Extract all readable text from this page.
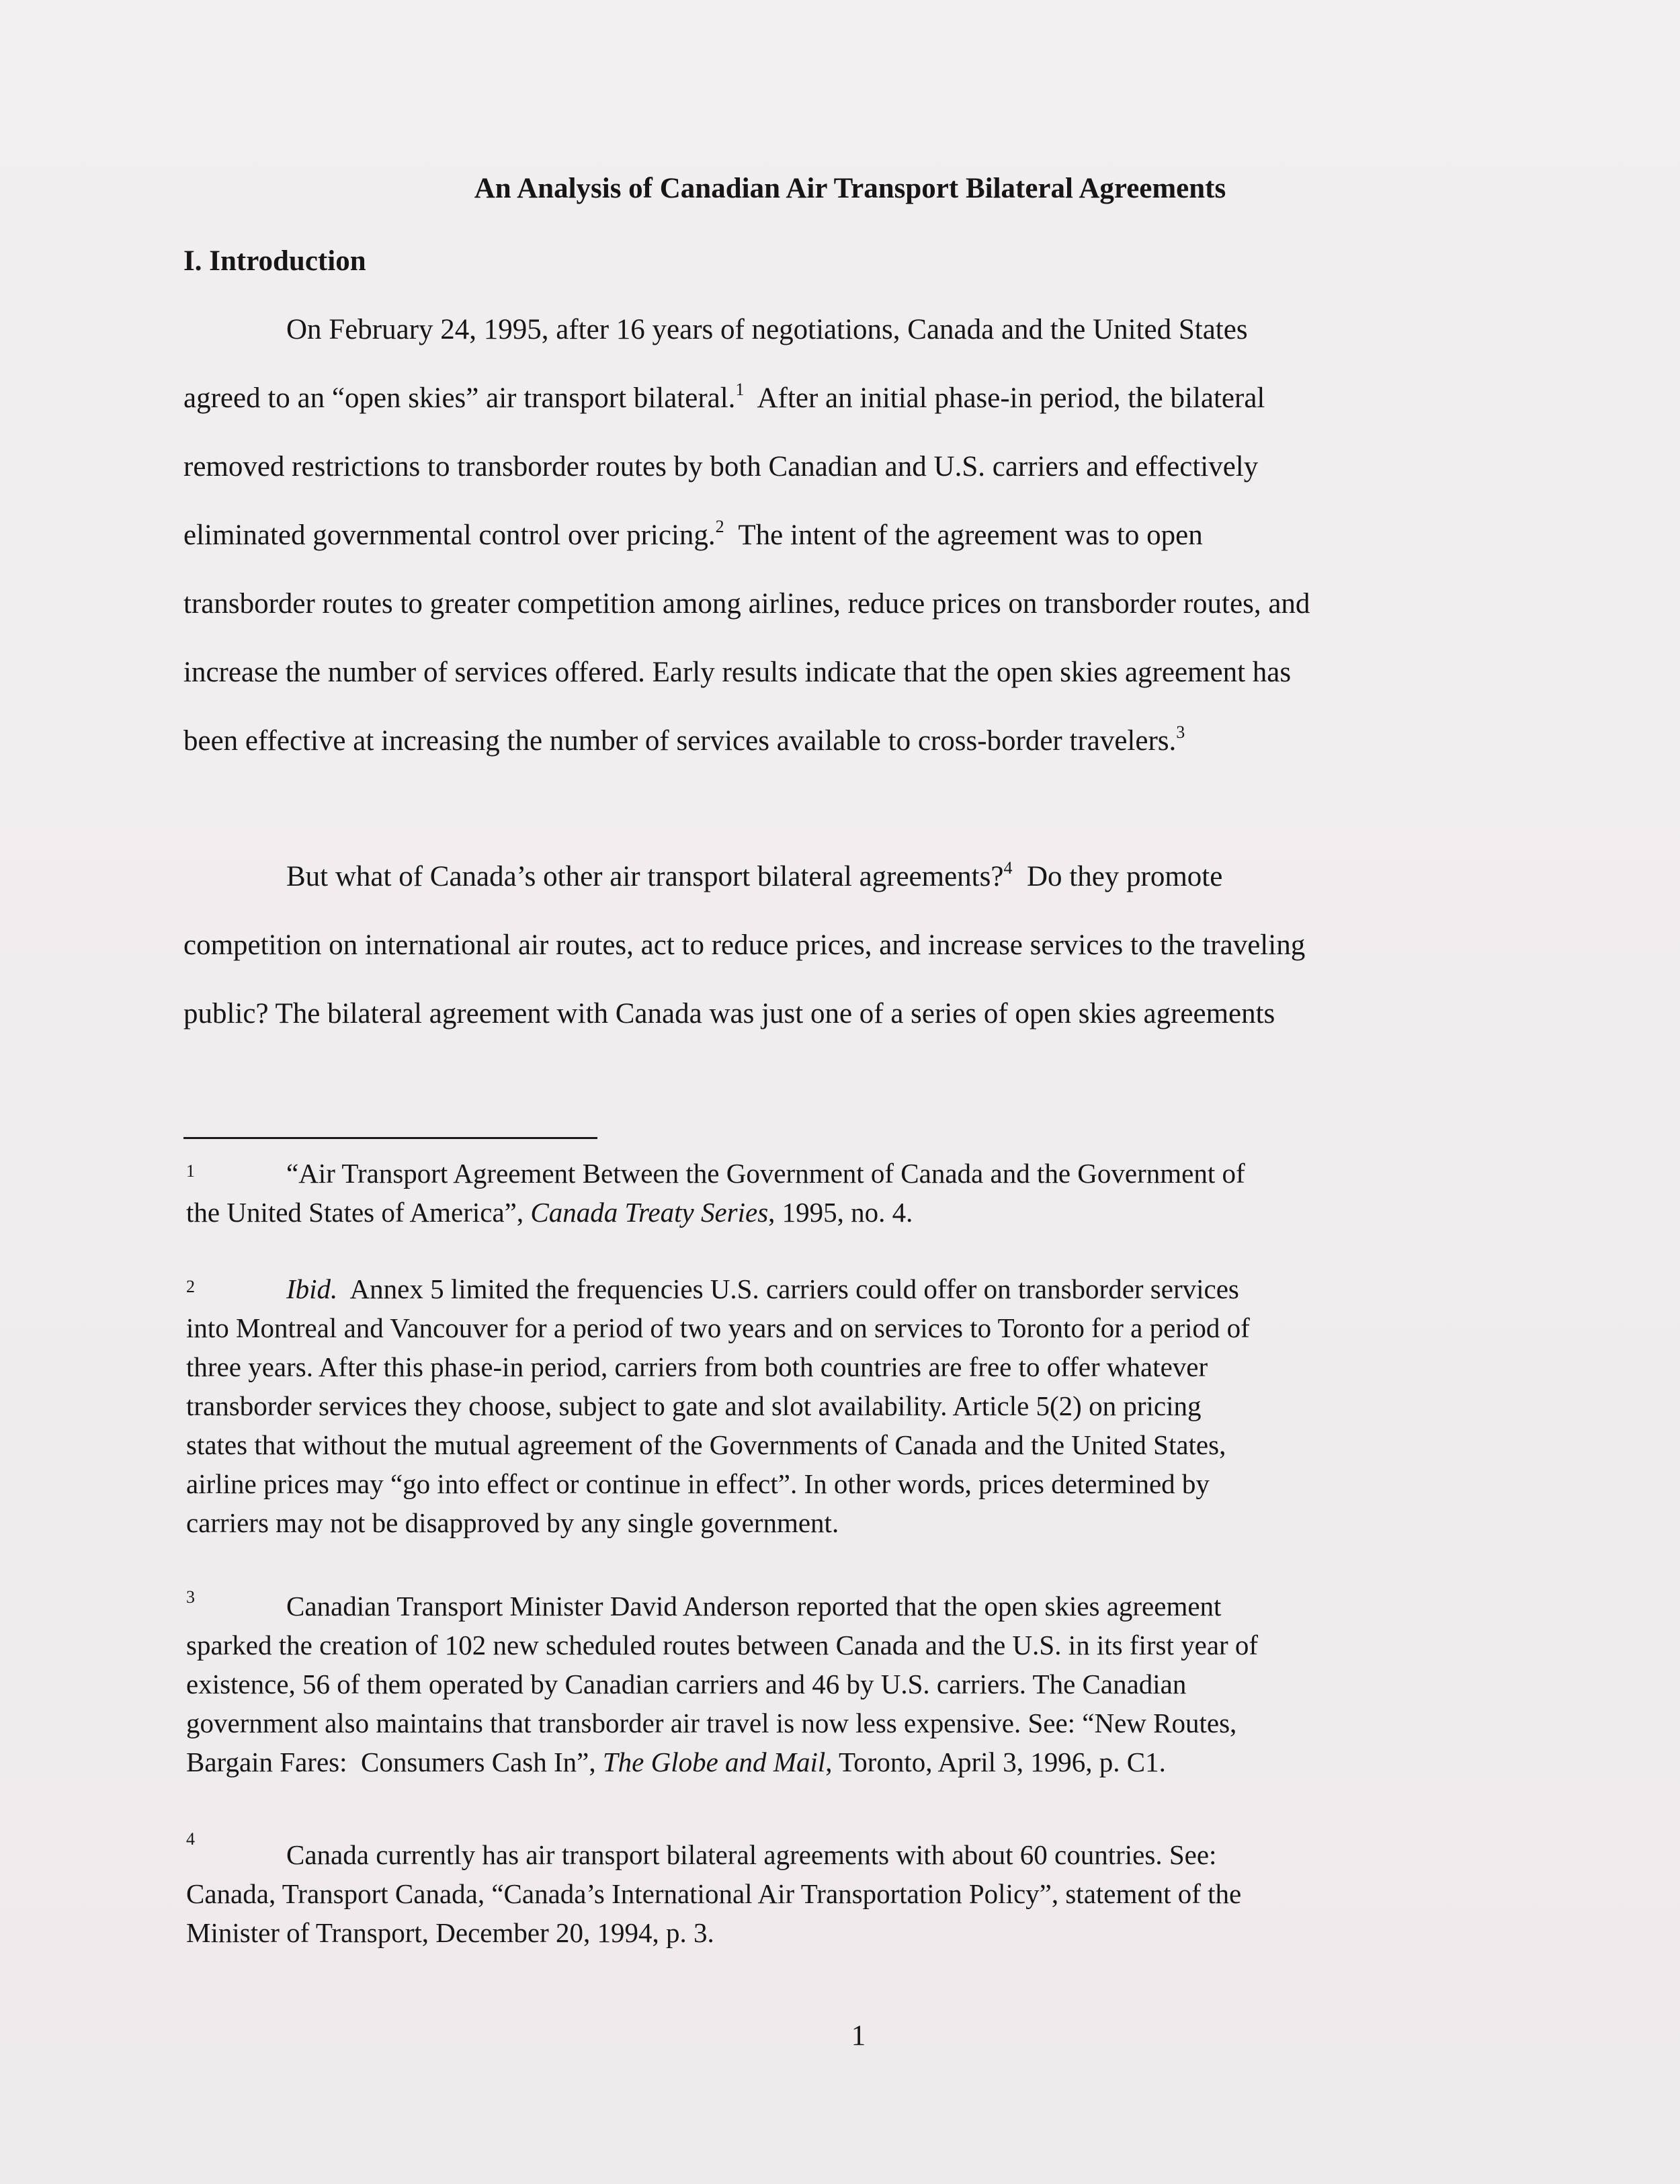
An Analysis of Canadian Air Transport Bilateral Agreements
I. Introduction
On February 24, 1995, after 16 years of negotiations, Canada and the United States
agreed to an “open skies” air transport bilateral.$^1$  After an initial phase-in period, the bilateral
removed restrictions to transborder routes by both Canadian and U.S. carriers and effectively
eliminated governmental control over pricing.$^2$  The intent of the agreement was to open
transborder routes to greater competition among airlines, reduce prices on transborder routes, and
increase the number of services offered. Early results indicate that the open skies agreement has
been effective at increasing the number of services available to cross-border travelers.$^3$
But what of Canada’s other air transport bilateral agreements?$^4$  Do they promote
competition on international air routes, act to reduce prices, and increase services to the traveling
public? The bilateral agreement with Canada was just one of a series of open skies agreements
1	“Air Transport Agreement Between the Government of Canada and the Government of
the United States of America”, Canada Treaty Series, 1995, no. 4.
2	Ibid.  Annex 5 limited the frequencies U.S. carriers could offer on transborder services
into Montreal and Vancouver for a period of two years and on services to Toronto for a period of
three years. After this phase-in period, carriers from both countries are free to offer whatever
transborder services they choose, subject to gate and slot availability. Article 5(2) on pricing
states that without the mutual agreement of the Governments of Canada and the United States,
airline prices may “go into effect or continue in effect”. In other words, prices determined by
carriers may not be disapproved by any single government.
3	Canadian Transport Minister David Anderson reported that the open skies agreement
sparked the creation of 102 new scheduled routes between Canada and the U.S. in its first year of
existence, 56 of them operated by Canadian carriers and 46 by U.S. carriers. The Canadian
government also maintains that transborder air travel is now less expensive. See: “New Routes,
Bargain Fares:  Consumers Cash In”, The Globe and Mail, Toronto, April 3, 1996, p. C1.
4
Canada currently has air transport bilateral agreements with about 60 countries. See:
Canada, Transport Canada, “Canada’s International Air Transportation Policy”, statement of the
Minister of Transport, December 20, 1994, p. 3.
1
